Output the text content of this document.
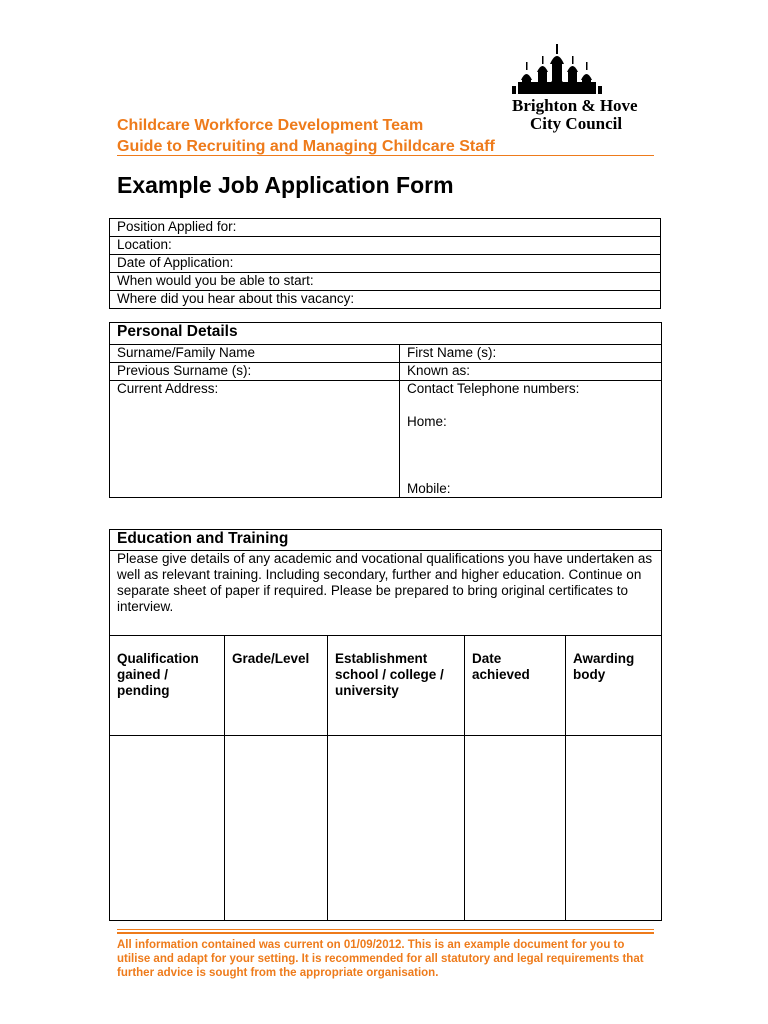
Childcare Workforce Development Team
Guide to Recruiting and Managing Childcare Staff
Brighton & Hove
City Council
Example Job Application Form
Position Applied for:
Location:
Date of Application:
When would you be able to start:
Where did you hear about this vacancy:
Personal Details	
Surname/Family Name	First Name (s):
Previous Surname (s):	Known as:
Current Address:	Contact Telephone numbers:
Home:
Mobile:
Education and Training				
Please give details of any academic and vocational qualifications you have undertaken as well as relevant training. Including secondary, further and higher education. Continue on separate sheet of paper if required. Please be prepared to bring original certificates to interview.				
Qualification gained / pending	Grade/Level	Establishment school / college / university	Date achieved	Awarding body

All information contained was current on 01/09/2012. This is an example document for you to utilise and adapt for your setting. It is recommended for all statutory and legal requirements that further advice is sought from the appropriate organisation.
